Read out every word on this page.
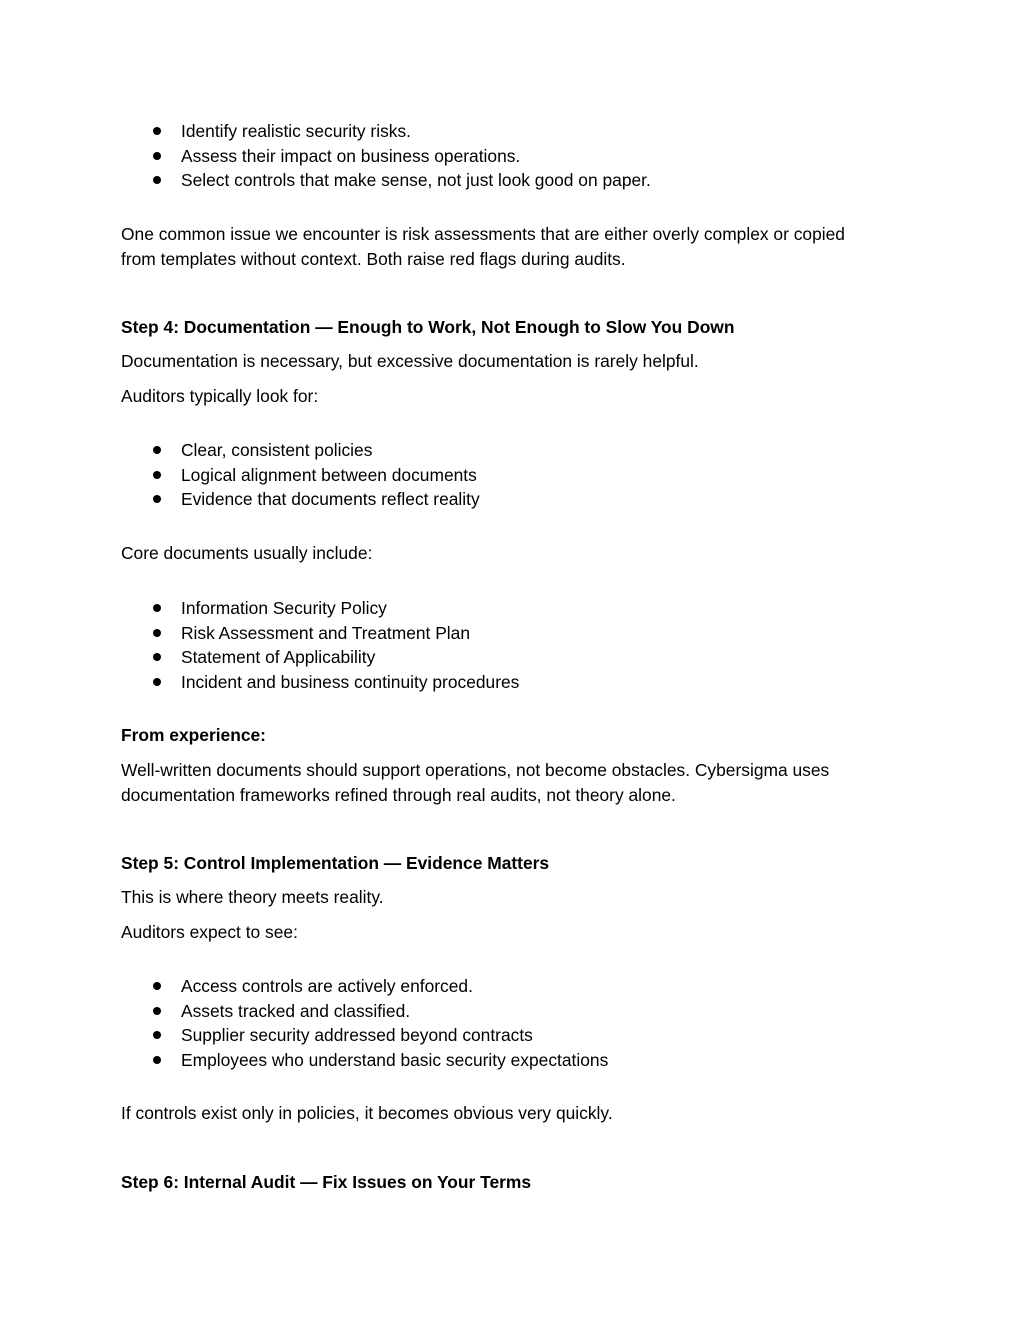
Identify realistic security risks.
Assess their impact on business operations.
Select controls that make sense, not just look good on paper.
One common issue we encounter is risk assessments that are either overly complex or copied
from templates without context. Both raise red flags during audits.
Step 4: Documentation — Enough to Work, Not Enough to Slow You Down
Documentation is necessary, but excessive documentation is rarely helpful.
Auditors typically look for:
Clear, consistent policies
Logical alignment between documents
Evidence that documents reflect reality
Core documents usually include:
Information Security Policy
Risk Assessment and Treatment Plan
Statement of Applicability
Incident and business continuity procedures
From experience:
Well-written documents should support operations, not become obstacles. Cybersigma uses
documentation frameworks refined through real audits, not theory alone.
Step 5: Control Implementation — Evidence Matters
This is where theory meets reality.
Auditors expect to see:
Access controls are actively enforced.
Assets tracked and classified.
Supplier security addressed beyond contracts
Employees who understand basic security expectations
If controls exist only in policies, it becomes obvious very quickly.
Step 6: Internal Audit — Fix Issues on Your Terms
